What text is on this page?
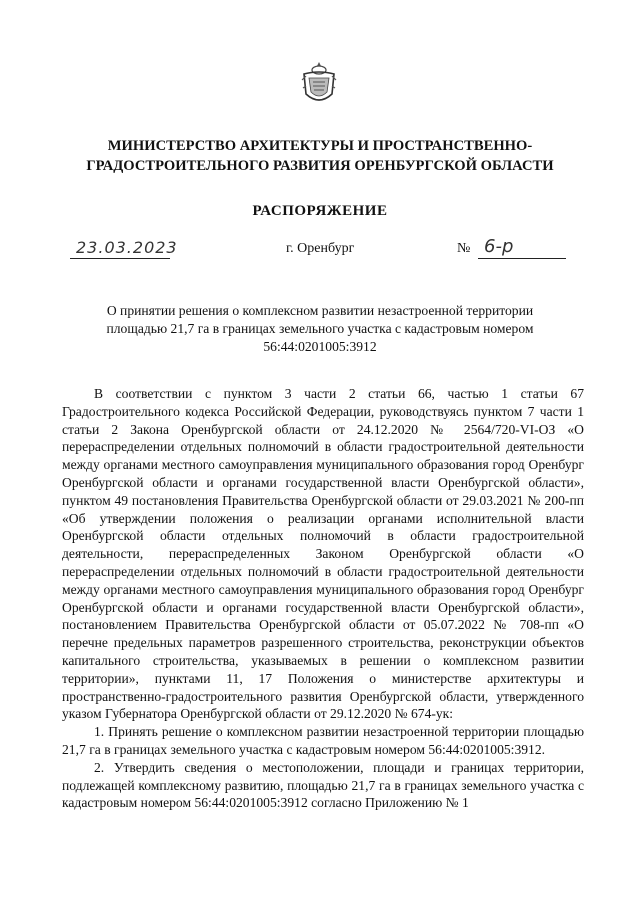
МИНИСТЕРСТВО АРХИТЕКТУРЫ И ПРОСТРАНСТВЕННО-
ГРАДОСТРОИТЕЛЬНОГО РАЗВИТИЯ ОРЕНБУРГСКОЙ ОБЛАСТИ
РАСПОРЯЖЕНИЕ
23.03.2023	г. Оренбург	№ 6-р
О принятии решения о комплексном развитии незастроенной территории
площадью 21,7 га в границах земельного участка с кадастровым номером
56:44:0201005:3912

В соответствии с пунктом 3 части 2 статьи 66, частью 1 статьи 67 Градостроительного кодекса Российской Федерации, руководствуясь пунктом 7 части 1 статьи 2 Закона Оренбургской области от 24.12.2020 № 2564/720-VI-ОЗ «О перераспределении отдельных полномочий в области градостроительной деятельности между органами местного самоуправления муниципального образования город Оренбург Оренбургской области и органами государственной власти Оренбургской области», пунктом 49 постановления Правительства Оренбургской области от 29.03.2021 № 200-пп «Об утверждении положения о реализации органами исполнительной власти Оренбургской области отдельных полномочий в области градостроительной деятельности, перераспределенных Законом Оренбургской области «О перераспределении отдельных полномочий в области градостроительной деятельности между органами местного самоуправления муниципального образования город Оренбург Оренбургской области и органами государственной власти Оренбургской области», постановлением Правительства Оренбургской области от 05.07.2022 № 708-пп «О перечне предельных параметров разрешенного строительства, реконструкции объектов капитального строительства, указываемых в решении о комплексном развитии территории», пунктами 11, 17 Положения о министерстве архитектуры и пространственно-градостроительного развития Оренбургской области, утвержденного указом Губернатора Оренбургской области от 29.12.2020 № 674-ук:

1. Принять решение о комплексном развитии незастроенной территории площадью 21,7 га в границах земельного участка с кадастровым номером 56:44:0201005:3912.

2. Утвердить сведения о местоположении, площади и границах территории, подлежащей комплексному развитию, площадью 21,7 га в границах земельного участка с кадастровым номером 56:44:0201005:3912 согласно Приложению № 1
